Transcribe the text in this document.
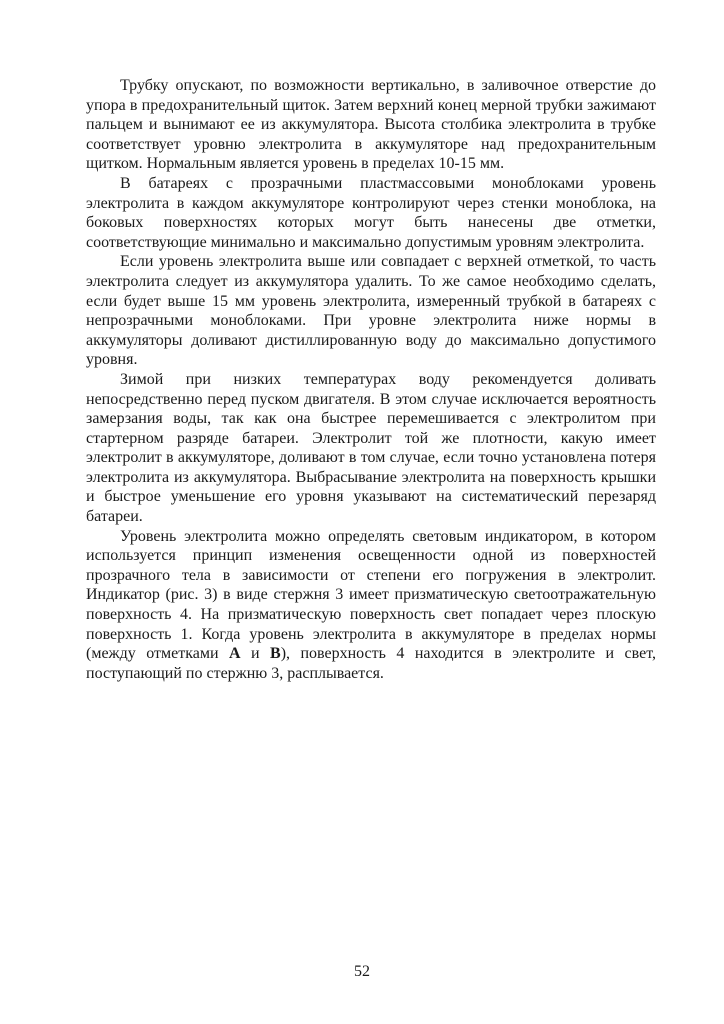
Трубку опускают, по возможности вертикально, в заливочное отверстие до упора в предохранительный щиток. Затем верхний конец мерной трубки зажимают пальцем и вынимают ее из аккумулятора. Высота столбика электролита в трубке соответствует уровню электролита в аккумуляторе над предохранительным щитком. Нормальным является уровень в пределах 10-15 мм.

В батареях с прозрачными пластмассовыми моноблоками уровень электролита в каждом аккумуляторе контролируют через стенки моноблока, на боковых поверхностях которых могут быть нанесены две отметки, соответствующие минимально и максимально допустимым уровням электролита.

Если уровень электролита выше или совпадает с верхней отметкой, то часть электролита следует из аккумулятора удалить. То же самое необходимо сделать, если будет выше 15 мм уровень электролита, измеренный трубкой в батареях с непрозрачными моноблоками. При уровне электролита ниже нормы в аккумуляторы доливают дистиллированную воду до максимально допустимого уровня.

Зимой при низких температурах воду рекомендуется доливать непосредственно перед пуском двигателя. В этом случае исключается вероятность замерзания воды, так как она быстрее перемешивается с электролитом при стартерном разряде батареи. Электролит той же плотности, какую имеет электролит в аккумуляторе, доливают в том случае, если точно установлена потеря электролита из аккумулятора. Выбрасывание электролита на поверхность крышки и быстрое уменьшение его уровня указывают на систематический перезаряд батареи.

Уровень электролита можно определять световым индикатором, в котором используется принцип изменения освещенности одной из поверхностей прозрачного тела в зависимости от степени его погружения в электролит. Индикатор (рис. 3) в виде стержня 3 имеет призматическую светоотражательную поверхность 4. На призматическую поверхность свет попадает через плоскую поверхность 1. Когда уровень электролита в аккумуляторе в пределах нормы (между отметками А и В), поверхность 4 находится в электролите и свет, поступающий по стержню 3, расплывается.

52
